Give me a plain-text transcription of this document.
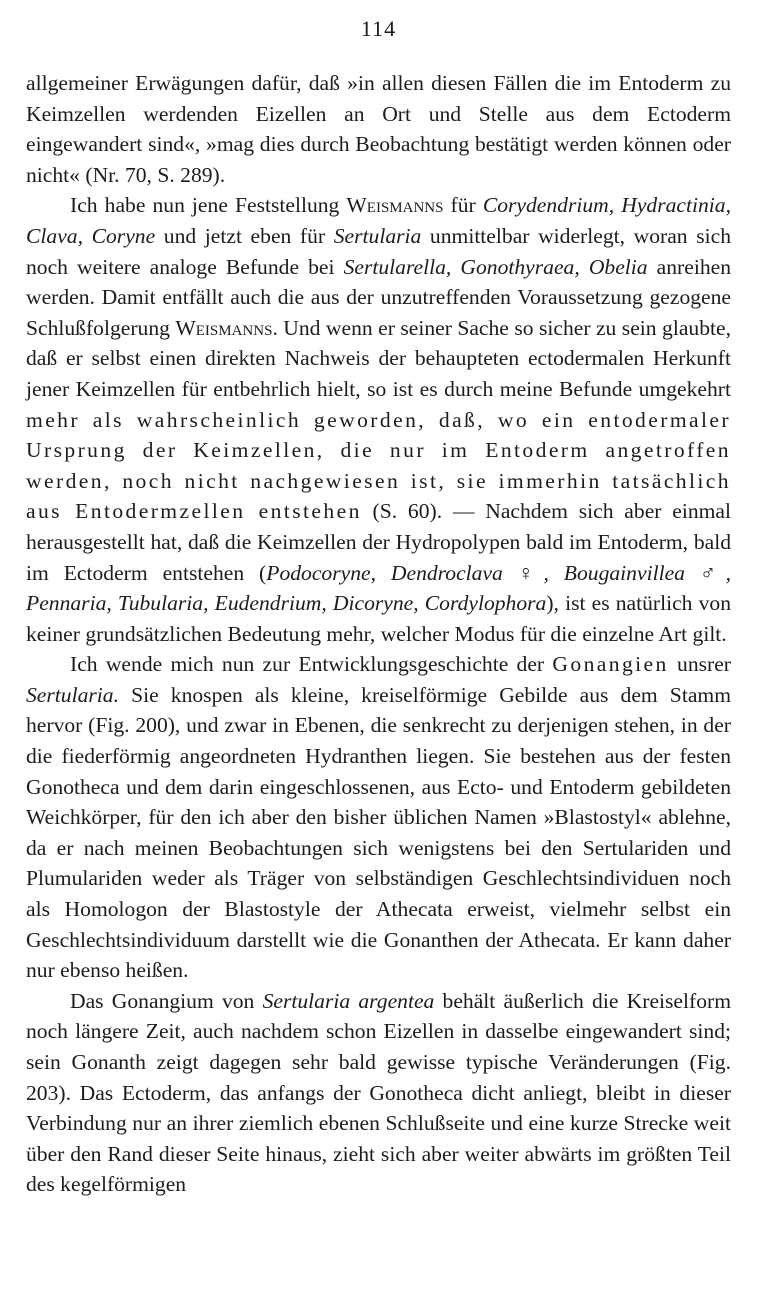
114

allgemeiner Erwägungen dafür, daß »in allen diesen Fällen die im Entoderm zu Keimzellen werdenden Eizellen an Ort und Stelle aus dem Ectoderm eingewandert sind«, »mag dies durch Beobachtung bestätigt werden können oder nicht« (Nr. 70, S. 289).

Ich habe nun jene Feststellung Weismanns für Corydendrium, Hydractinia, Clava, Coryne und jetzt eben für Sertularia unmittelbar widerlegt, woran sich noch weitere analoge Befunde bei Sertularella, Gonothyraea, Obelia anreihen werden. Damit entfällt auch die aus der unzutreffenden Voraussetzung gezogene Schlußfolgerung Weismanns. Und wenn er seiner Sache so sicher zu sein glaubte, daß er selbst einen direkten Nachweis der behaupteten ectodermalen Herkunft jener Keimzellen für entbehrlich hielt, so ist es durch meine Befunde umgekehrt mehr als wahrscheinlich geworden, daß, wo ein entodermaler Ursprung der Keimzellen, die nur im Entoderm angetroffen werden, noch nicht nachgewiesen ist, sie immerhin tatsächlich aus Entodermzellen entstehen (S. 60). — Nachdem sich aber einmal herausgestellt hat, daß die Keimzellen der Hydropolypen bald im Entoderm, bald im Ectoderm entstehen (Podocoryne, Dendroclava ♀, Bougainvillea ♂, Pennaria, Tubularia, Eudendrium, Dicoryne, Cordylophora), ist es natürlich von keiner grundsätzlichen Bedeutung mehr, welcher Modus für die einzelne Art gilt.

Ich wende mich nun zur Entwicklungsgeschichte der Gonangien unsrer Sertularia. Sie knospen als kleine, kreiselförmige Gebilde aus dem Stamm hervor (Fig. 200), und zwar in Ebenen, die senkrecht zu derjenigen stehen, in der die fiederförmig angeordneten Hydranthen liegen. Sie bestehen aus der festen Gonotheca und dem darin eingeschlossenen, aus Ecto- und Entoderm gebildeten Weichkörper, für den ich aber den bisher üblichen Namen »Blastostyl« ablehne, da er nach meinen Beobachtungen sich wenigstens bei den Sertulariden und Plumulariden weder als Träger von selbständigen Geschlechtsindividuen noch als Homologon der Blastostyle der Athecata erweist, vielmehr selbst ein Geschlechtsindividuum darstellt wie die Gonanthen der Athecata. Er kann daher nur ebenso heißen.

Das Gonangium von Sertularia argentea behält äußerlich die Kreiselform noch längere Zeit, auch nachdem schon Eizellen in dasselbe eingewandert sind; sein Gonanth zeigt dagegen sehr bald gewisse typische Veränderungen (Fig. 203). Das Ectoderm, das anfangs der Gonotheca dicht anliegt, bleibt in dieser Verbindung nur an ihrer ziemlich ebenen Schlußseite und eine kurze Strecke weit über den Rand dieser Seite hinaus, zieht sich aber weiter abwärts im größten Teil des kegelförmigen
